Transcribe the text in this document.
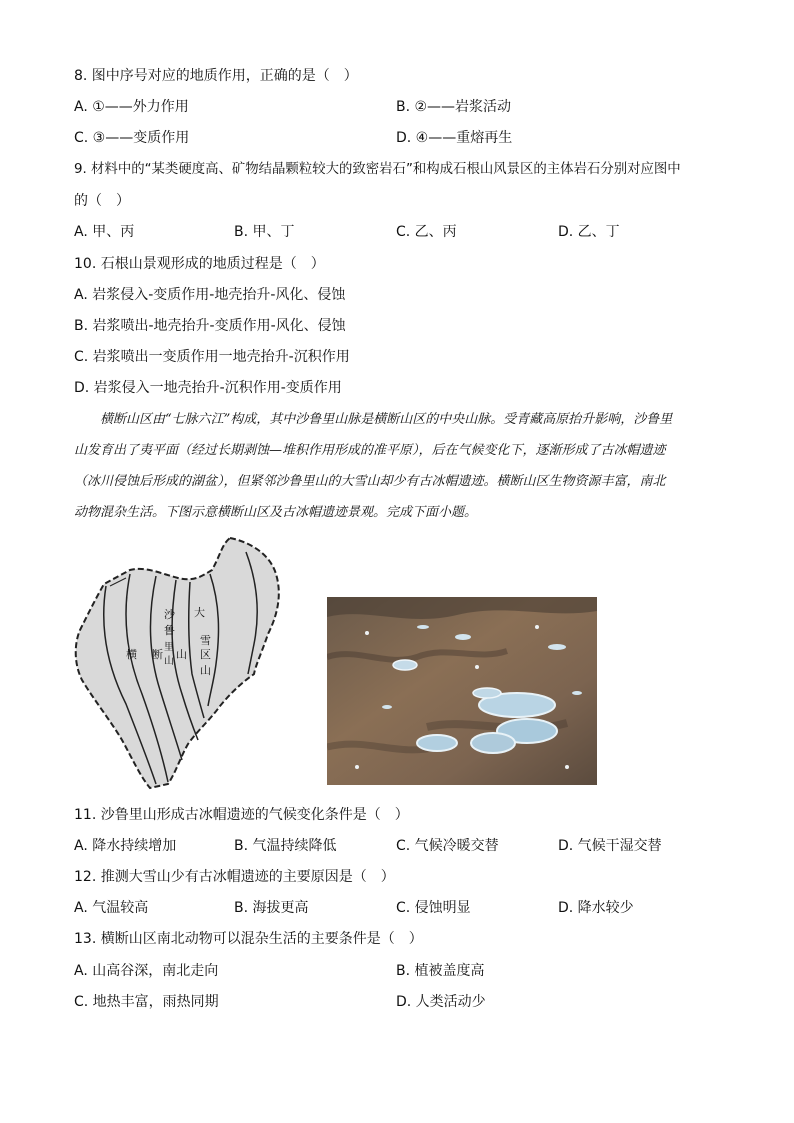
8. 图中序号对应的地质作用，正确的是（　）
A. ①——外力作用	B. ②——岩浆活动
C. ③——变质作用	D. ④——重熔再生
9. 材料中的“某类硬度高、矿物结晶颗粒较大的致密岩石”和构成石根山风景区的主体岩石分别对应图中
的（　）
A. 甲、丙	B. 甲、丁	C. 乙、丙	D. 乙、丁
10. 石根山景观形成的地质过程是（　）
A. 岩浆侵入-变质作用-地壳抬升-风化、侵蚀
B. 岩浆喷出-地壳抬升-变质作用-风化、侵蚀
C. 岩浆喷出一变质作用一地壳抬升-沉积作用
D. 岩浆侵入一地壳抬升-沉积作用-变质作用
横断山区由“七脉六江”构成，其中沙鲁里山脉是横断山区的中央山脉。受青藏高原抬升影响，沙鲁里
山发育出了夷平面（经过长期剥蚀—堆积作用形成的准平原），后在气候变化下，逐渐形成了古冰帽遗迹
（冰川侵蚀后形成的湖盆），但紧邻沙鲁里山的大雪山却少有古冰帽遗迹。横断山区生物资源丰富，南北
动物混杂生活。下图示意横断山区及古冰帽遗迹景观。完成下面小题。
横 断 山
沙
鲁
里
山
大
雪
区
山
11. 沙鲁里山形成古冰帽遗迹的气候变化条件是（　）
A. 降水持续增加	B. 气温持续降低	C. 气候冷暖交替	D. 气候干湿交替
12. 推测大雪山少有古冰帽遗迹的主要原因是（　）
A. 气温较高	B. 海拔更高	C. 侵蚀明显	D. 降水较少
13. 横断山区南北动物可以混杂生活的主要条件是（　）
A. 山高谷深，南北走向	B. 植被盖度高
C. 地热丰富，雨热同期	D. 人类活动少
